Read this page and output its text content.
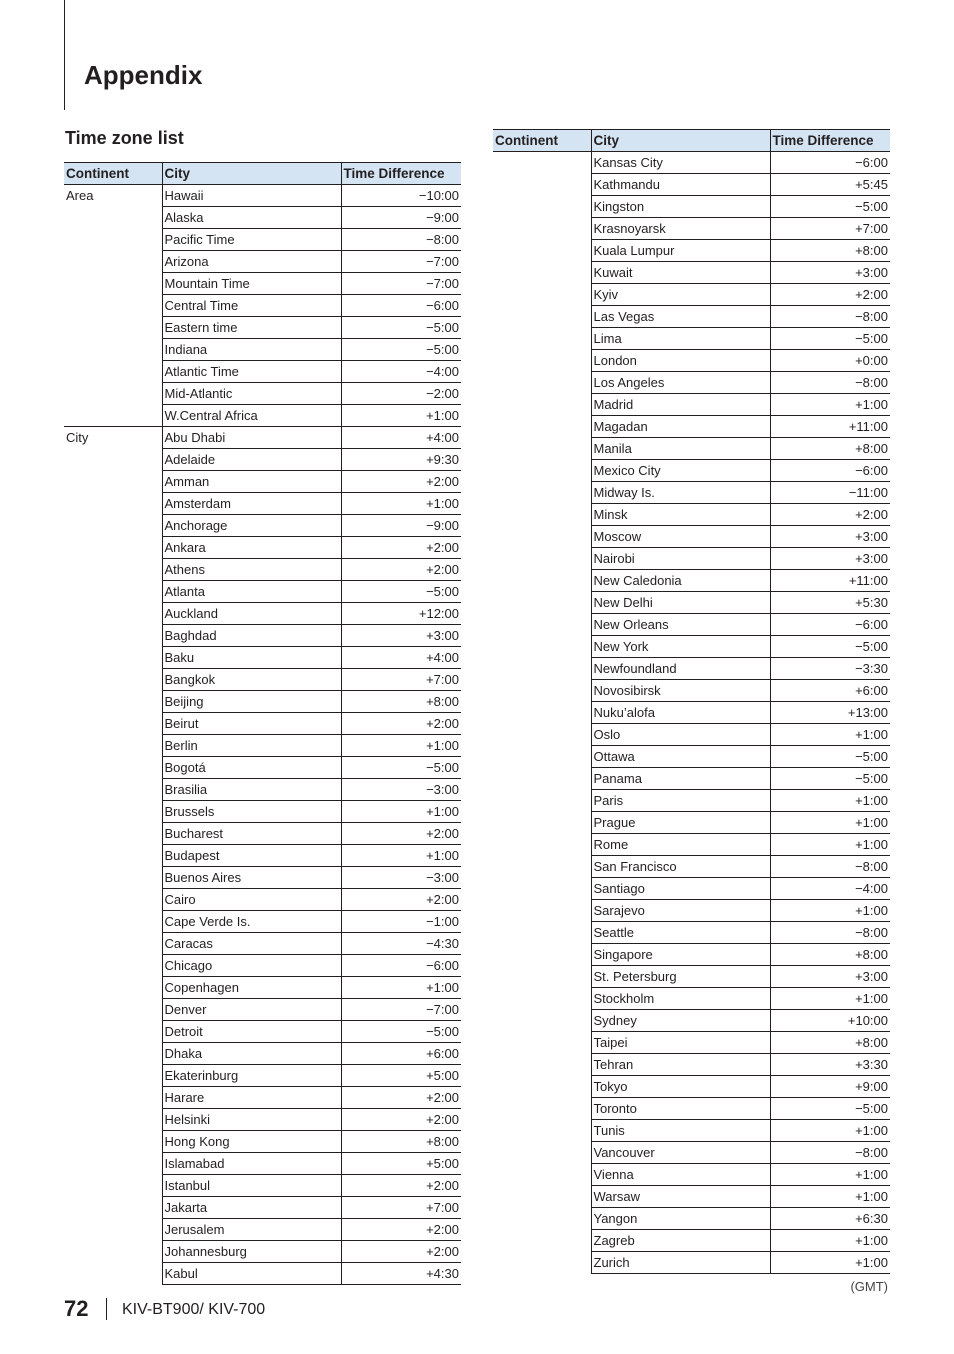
Appendix
Time zone list
Continent	City	Time Difference
Area	Hawaii	−10:00
	Alaska	−9:00
	Pacific Time	−8:00
	Arizona	−7:00
	Mountain Time	−7:00
	Central Time	−6:00
	Eastern time	−5:00
	Indiana	−5:00
	Atlantic Time	−4:00
	Mid-Atlantic	−2:00
	W.Central Africa	+1:00
City	Abu Dhabi	+4:00
	Adelaide	+9:30
	Amman	+2:00
	Amsterdam	+1:00
	Anchorage	−9:00
	Ankara	+2:00
	Athens	+2:00
	Atlanta	−5:00
	Auckland	+12:00
	Baghdad	+3:00
	Baku	+4:00
	Bangkok	+7:00
	Beijing	+8:00
	Beirut	+2:00
	Berlin	+1:00
	Bogotá	−5:00
	Brasilia	−3:00
	Brussels	+1:00
	Bucharest	+2:00
	Budapest	+1:00
	Buenos Aires	−3:00
	Cairo	+2:00
	Cape Verde Is.	−1:00
	Caracas	−4:30
	Chicago	−6:00
	Copenhagen	+1:00
	Denver	−7:00
	Detroit	−5:00
	Dhaka	+6:00
	Ekaterinburg	+5:00
	Harare	+2:00
	Helsinki	+2:00
	Hong Kong	+8:00
	Islamabad	+5:00
	Istanbul	+2:00
	Jakarta	+7:00
	Jerusalem	+2:00
	Johannesburg	+2:00
	Kabul	+4:30
Continent	City	Time Difference
	Kansas City	−6:00
	Kathmandu	+5:45
	Kingston	−5:00
	Krasnoyarsk	+7:00
	Kuala Lumpur	+8:00
	Kuwait	+3:00
	Kyiv	+2:00
	Las Vegas	−8:00
	Lima	−5:00
	London	+0:00
	Los Angeles	−8:00
	Madrid	+1:00
	Magadan	+11:00
	Manila	+8:00
	Mexico City	−6:00
	Midway Is.	−11:00
	Minsk	+2:00
	Moscow	+3:00
	Nairobi	+3:00
	New Caledonia	+11:00
	New Delhi	+5:30
	New Orleans	−6:00
	New York	−5:00
	Newfoundland	−3:30
	Novosibirsk	+6:00
	Nuku’alofa	+13:00
	Oslo	+1:00
	Ottawa	−5:00
	Panama	−5:00
	Paris	+1:00
	Prague	+1:00
	Rome	+1:00
	San Francisco	−8:00
	Santiago	−4:00
	Sarajevo	+1:00
	Seattle	−8:00
	Singapore	+8:00
	St. Petersburg	+3:00
	Stockholm	+1:00
	Sydney	+10:00
	Taipei	+8:00
	Tehran	+3:30
	Tokyo	+9:00
	Toronto	−5:00
	Tunis	+1:00
	Vancouver	−8:00
	Vienna	+1:00
	Warsaw	+1:00
	Yangon	+6:30
	Zagreb	+1:00
	Zurich	+1:00
(GMT)
72 KIV-BT900/ KIV-700
